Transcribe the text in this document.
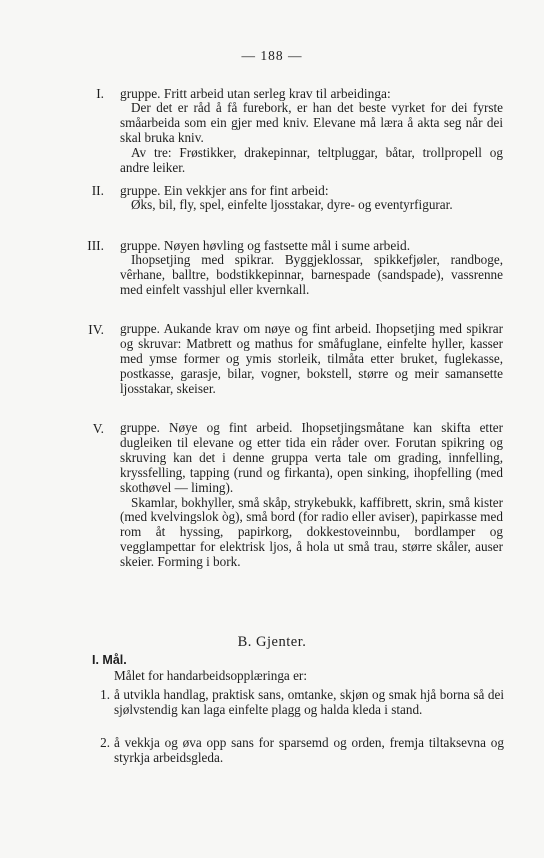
— 188 —
I. gruppe. Fritt arbeid utan serleg krav til arbeidinga:

Der det er råd å få furebork, er han det beste vyrket for dei fyrste småarbeida som ein gjer med kniv. Elevane må læra å akta seg når dei skal bruka kniv.

Av tre: Frøstikker, drakepinnar, teltpluggar, båtar, trollpropell og andre leiker.

II. gruppe. Ein vekkjer ans for fint arbeid:

Øks, bil, fly, spel, einfelte ljosstakar, dyre- og eventyrfigurar.

III. gruppe. Nøyen høvling og fastsette mål i sume arbeid.

Ihopsetjing med spikrar. Byggjeklossar, spikkefjøler, randboge, vêrhane, balltre, bodstikkepinnar, barnespade (sandspade), vassrenne med einfelt vasshjul eller kvernkall.

IV. gruppe. Aukande krav om nøye og fint arbeid. Ihopsetjing med spikrar og skruvar: Matbrett og mathus for småfuglane, einfelte hyller, kasser med ymse former og ymis storleik, tilmåta etter bruket, fuglekasse, postkasse, garasje, bilar, vogner, bokstell, større og meir samansette ljosstakar, skeiser.

V. gruppe. Nøye og fint arbeid. Ihopsetjingsmåtane kan skifta etter dugleiken til elevane og etter tida ein råder over. Forutan spikring og skruving kan det i denne gruppa verta tale om grading, innfelling, kryssfelling, tapping (rund og firkanta), open sinking, ihopfelling (med skothøvel — liming).

Skamlar, bokhyller, små skåp, strykebukk, kaffibrett, skrin, små kister (med kvelvingslok òg), små bord (for radio eller aviser), papirkasse med rom åt hyssing, papirkorg, dokkestoveinnbu, bordlamper og vegglampettar for elektrisk ljos, å hola ut små trau, større skåler, auser skeier. Forming i bork.

B. Gjenter.
I. Mål.
Målet for handarbeidsopplæringa er:
1. å utvikla handlag, praktisk sans, omtanke, skjøn og smak hjå borna så dei sjølvstendig kan laga einfelte plagg og halda kleda i stand.
2. å vekkja og øva opp sans for sparsemd og orden, fremja tiltaksevna og styrkja arbeidsgleda.
